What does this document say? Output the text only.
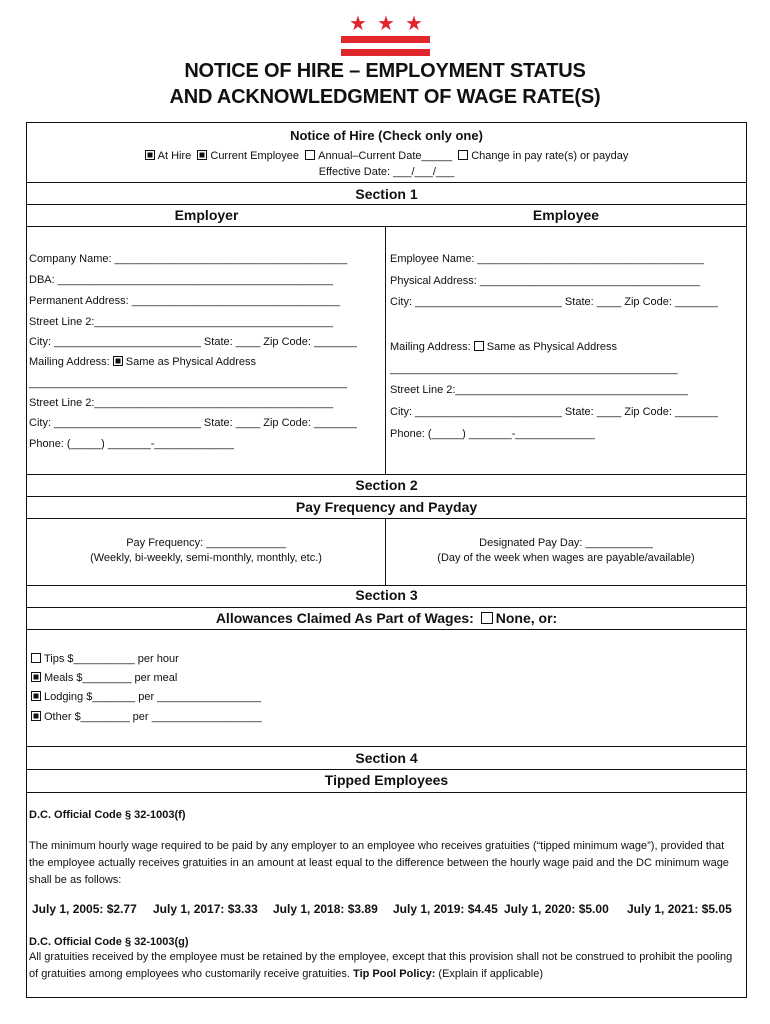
★ ★ ★
NOTICE OF HIRE – EMPLOYMENT STATUS
AND ACKNOWLEDGMENT OF WAGE RATE(S)
Notice of Hire (Check only one)
At Hire Current Employee Annual–Current Date_____ Change in pay rate(s) or payday
Effective Date: ___/___/___
Section 1
Employer	Employee
Company Name: ______________________________________
DBA: _____________________________________________
Permanent Address: __________________________________
Street Line 2:_______________________________________
City: ________________________ State: ____ Zip Code: _______
Mailing Address: Same as Physical Address
____________________________________________________
Street Line 2:_______________________________________
City: ________________________ State: ____ Zip Code: _______
Phone: (_____) _______-_____________
Employee Name: _____________________________________
Physical Address: ____________________________________
City: ________________________ State: ____ Zip Code: _______
Mailing Address: Same as Physical Address
_______________________________________________
Street Line 2:______________________________________
City: ________________________ State: ____ Zip Code: _______
Phone: (_____) _______-_____________
Section 2
Pay Frequency and Payday
Pay Frequency: _____________
(Weekly, bi-weekly, semi-monthly, monthly, etc.)
Designated Pay Day: ___________
(Day of the week when wages are payable/available)
Section 3
Allowances Claimed As Part of Wages: None, or:
Tips $__________ per hour
Meals $________ per meal
Lodging $_______ per _________________
Other $________ per __________________
Section 4
Tipped Employees
D.C. Official Code § 32-1003(f)
The minimum hourly wage required to be paid by any employer to an employee who receives gratuities (“tipped minimum wage”), provided that the employee actually receives gratuities in an amount at least equal to the difference between the hourly wage paid and the DC minimum wage shall be as follows:
July 1, 2005: $2.77 July 1, 2017: $3.33 July 1, 2018: $3.89 July 1, 2019: $4.45 July 1, 2020: $5.00 July 1, 2021: $5.05
D.C. Official Code § 32-1003(g)
All gratuities received by the employee must be retained by the employee, except that this provision shall not be construed to prohibit the pooling of gratuities among employees who customarily receive gratuities. Tip Pool Policy: (Explain if applicable)
